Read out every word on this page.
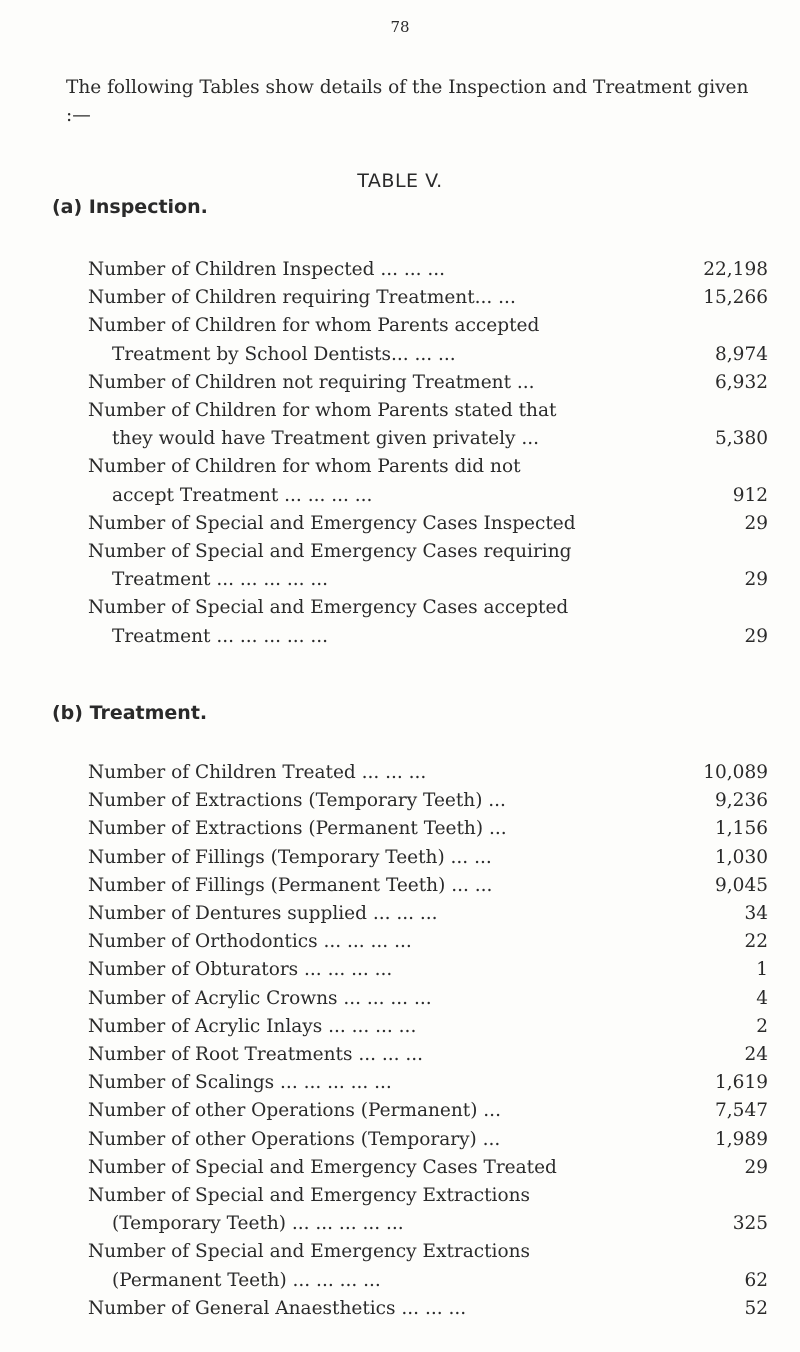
78
The following Tables show details of the Inspection and Treatment given :—
TABLE V.
(a) Inspection.
Number of Children Inspected ... ... ...	22,198
Number of Children requiring Treatment... ...	15,266
Number of Children for whom Parents accepted
Treatment by School Dentists... ... ...	8,974
Number of Children not requiring Treatment ...	6,932
Number of Children for whom Parents stated that
they would have Treatment given privately ...	5,380
Number of Children for whom Parents did not
accept Treatment ... ... ... ...	912
Number of Special and Emergency Cases Inspected	29
Number of Special and Emergency Cases requiring
Treatment ... ... ... ... ...	29
Number of Special and Emergency Cases accepted
Treatment ... ... ... ... ...	29
(b) Treatment.
Number of Children Treated ... ... ...	10,089
Number of Extractions (Temporary Teeth) ...	9,236
Number of Extractions (Permanent Teeth) ...	1,156
Number of Fillings (Temporary Teeth) ... ...	1,030
Number of Fillings (Permanent Teeth) ... ...	9,045
Number of Dentures supplied ... ... ...	34
Number of Orthodontics ... ... ... ...	22
Number of Obturators ... ... ... ...	1
Number of Acrylic Crowns ... ... ... ...	4
Number of Acrylic Inlays ... ... ... ...	2
Number of Root Treatments ... ... ...	24
Number of Scalings ... ... ... ... ...	1,619
Number of other Operations (Permanent) ...	7,547
Number of other Operations (Temporary) ...	1,989
Number of Special and Emergency Cases Treated	29
Number of Special and Emergency Extractions
(Temporary Teeth) ... ... ... ... ...	325
Number of Special and Emergency Extractions
(Permanent Teeth) ... ... ... ...	62
Number of General Anaesthetics ... ... ...	52
